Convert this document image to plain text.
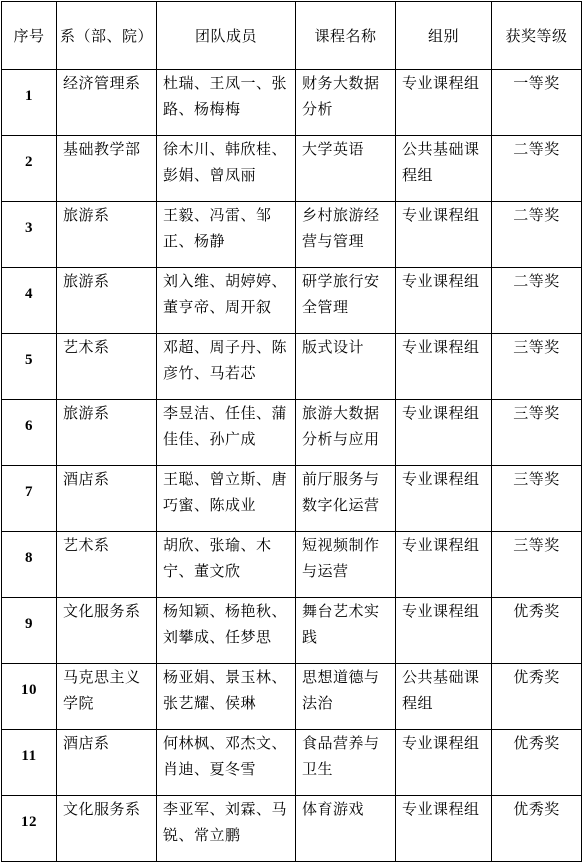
序号	系（部、院）	团队成员	课程名称	组别	获奖等级
1	经济管理系	杜瑞、王凤一、张路、杨梅梅	财务大数据分析	专业课程组	一等奖
2	基础教学部	徐木川、韩欣桂、彭娟、曾凤丽	大学英语	公共基础课程组	二等奖
3	旅游系	王毅、冯雷、邹正、杨静	乡村旅游经营与管理	专业课程组	二等奖
4	旅游系	刘入维、胡婷婷、董亨帝、周开叙	研学旅行安全管理	专业课程组	二等奖
5	艺术系	邓超、周子丹、陈彦竹、马若芯	版式设计	专业课程组	三等奖
6	旅游系	李昱洁、任佳、蒲佳佳、孙广成	旅游大数据分析与应用	专业课程组	三等奖
7	酒店系	王聪、曾立斯、唐巧蜜、陈成业	前厅服务与数字化运营	专业课程组	三等奖
8	艺术系	胡欣、张瑜、木宁、董文欣	短视频制作与运营	专业课程组	三等奖
9	文化服务系	杨知颖、杨艳秋、刘攀成、任梦思	舞台艺术实践	专业课程组	优秀奖
10	马克思主义学院	杨亚娟、景玉林、张艺耀、侯琳	思想道德与法治	公共基础课程组	优秀奖
11	酒店系	何林枫、邓杰文、肖迪、夏冬雪	食品营养与卫生	专业课程组	优秀奖
12	文化服务系	李亚军、刘霖、马锐、常立鹏	体育游戏	专业课程组	优秀奖
